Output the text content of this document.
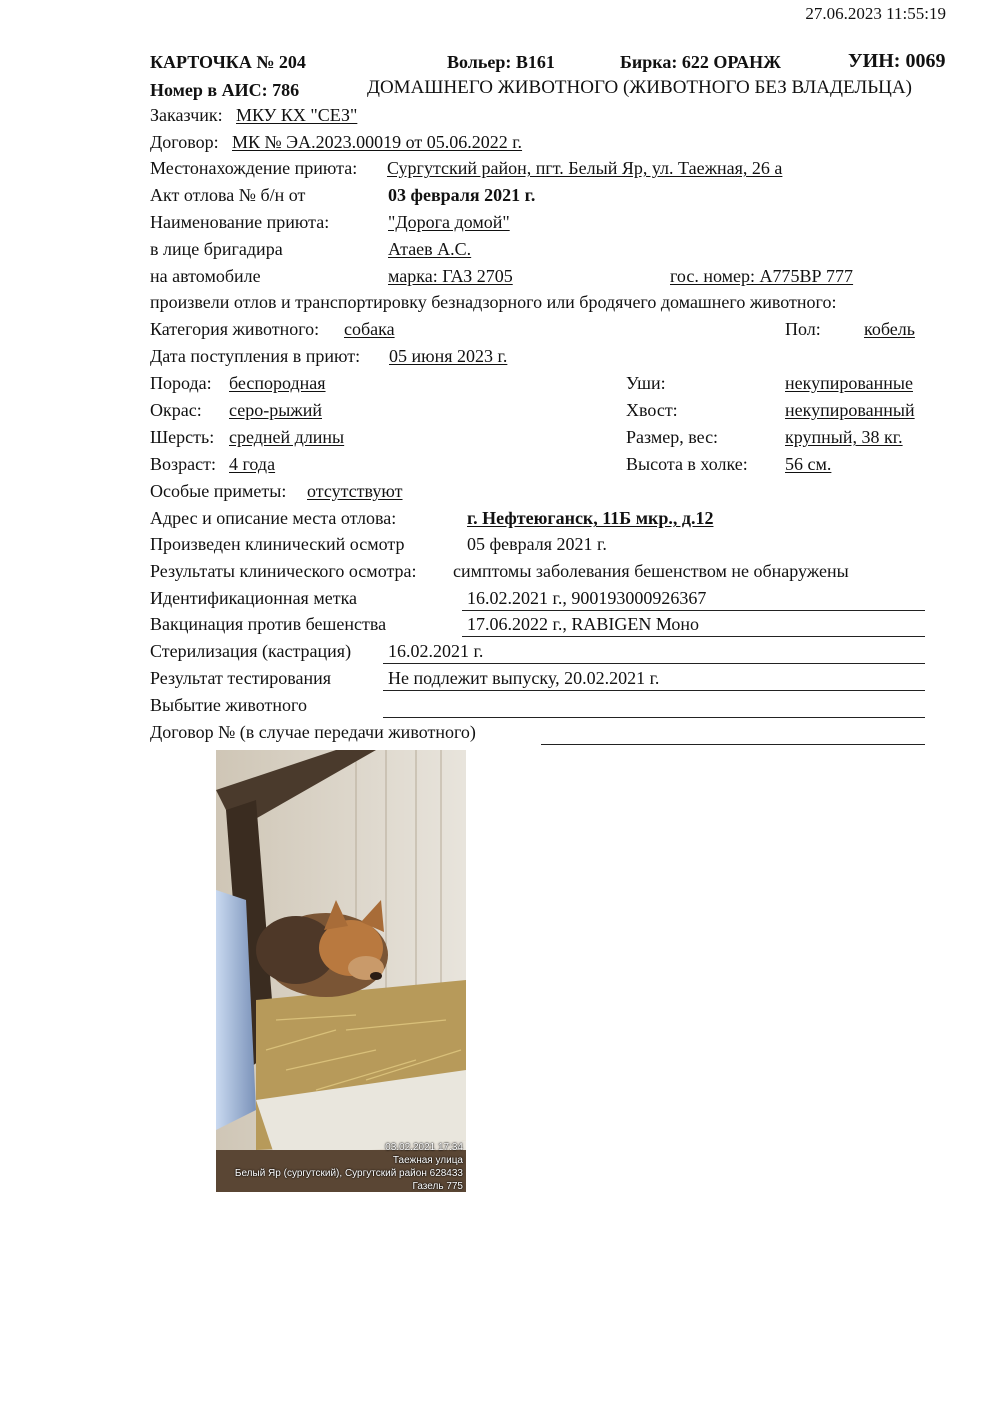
27.06.2023 11:55:19
КАРТОЧКА № 204	Вольер: В161	Бирка: 622 ОРАНЖ	УИН: 0069
Номер в АИС: 786	ДОМАШНЕГО ЖИВОТНОГО (ЖИВОТНОГО БЕЗ ВЛАДЕЛЬЦА)
Заказчик: МКУ КХ "СЕЗ"
Договор: МК № ЭА.2023.00019 от 05.06.2022 г.
Местонахождение приюта: Сургутский район, пгт. Белый Яр, ул. Таежная, 26 а
Акт отлова № б/н от	03 февраля 2021 г.
Наименование приюта:	"Дорога домой"
в лице бригадира	Атаев А.С.
на автомобиле	марка: ГАЗ 2705	гос. номер: А775ВР 777
произвели отлов и транспортировку безнадзорного или бродячего домашнего животного:
Категория животного: собака	Пол: кобель
Дата поступления в приют: 05 июня 2023 г.
Порода: беспородная	Уши:	некупированные
Окрас: серо-рыжий	Хвост:	некупированный
Шерсть: средней длины	Размер, вес:	крупный, 38 кг.
Возраст: 4 года	Высота в холке: 56 см.
Особые приметы: отсутствуют
Адрес и описание места отлова:	г. Нефтеюганск, 11Б мкр., д.12
Произведен клинический осмотр	05 февраля 2021 г.
Результаты клинического осмотра: симптомы заболевания бешенством не обнаружены
Идентификационная метка	16.02.2021 г., 900193000926367
Вакцинация против бешенства	17.06.2022 г., RABIGEN Моно
Стерилизация (кастрация) 16.02.2021 г.
Результат тестирования	Не подлежит выпуску, 20.02.2021 г.
Выбытие животного
Договор № (в случае передачи животного)
03.02.2021 17:34
Таежная улица
Белый Яр (сургутский), Сургутский район 628433
Газель 775
